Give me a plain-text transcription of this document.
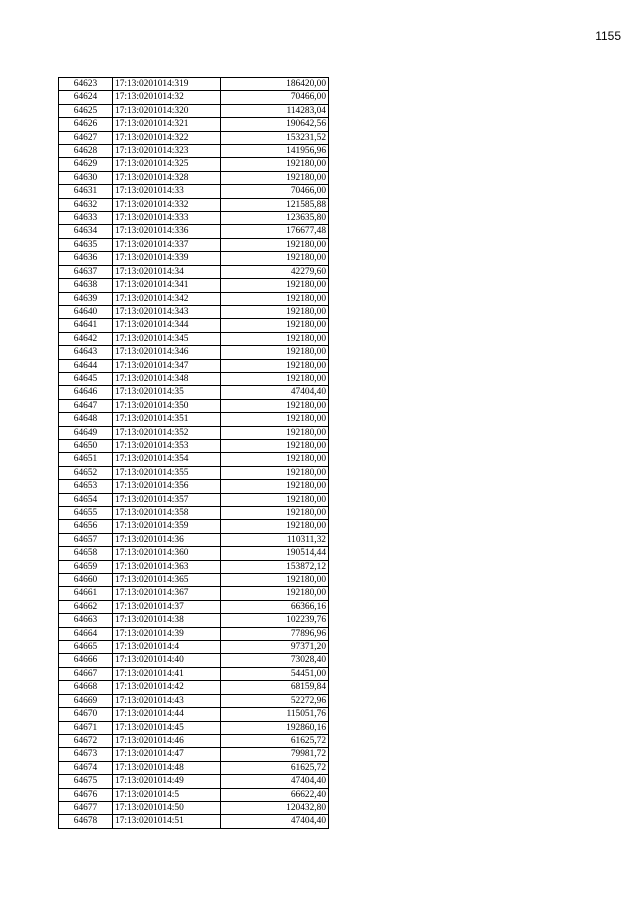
1155
64623	17:13:0201014:319	186420,00
64624	17:13:0201014:32	70466,00
64625	17:13:0201014:320	114283,04
64626	17:13:0201014:321	190642,56
64627	17:13:0201014:322	153231,52
64628	17:13:0201014:323	141956,96
64629	17:13:0201014:325	192180,00
64630	17:13:0201014:328	192180,00
64631	17:13:0201014:33	70466,00
64632	17:13:0201014:332	121585,88
64633	17:13:0201014:333	123635,80
64634	17:13:0201014:336	176677,48
64635	17:13:0201014:337	192180,00
64636	17:13:0201014:339	192180,00
64637	17:13:0201014:34	42279,60
64638	17:13:0201014:341	192180,00
64639	17:13:0201014:342	192180,00
64640	17:13:0201014:343	192180,00
64641	17:13:0201014:344	192180,00
64642	17:13:0201014:345	192180,00
64643	17:13:0201014:346	192180,00
64644	17:13:0201014:347	192180,00
64645	17:13:0201014:348	192180,00
64646	17:13:0201014:35	47404,40
64647	17:13:0201014:350	192180,00
64648	17:13:0201014:351	192180,00
64649	17:13:0201014:352	192180,00
64650	17:13:0201014:353	192180,00
64651	17:13:0201014:354	192180,00
64652	17:13:0201014:355	192180,00
64653	17:13:0201014:356	192180,00
64654	17:13:0201014:357	192180,00
64655	17:13:0201014:358	192180,00
64656	17:13:0201014:359	192180,00
64657	17:13:0201014:36	110311,32
64658	17:13:0201014:360	190514,44
64659	17:13:0201014:363	153872,12
64660	17:13:0201014:365	192180,00
64661	17:13:0201014:367	192180,00
64662	17:13:0201014:37	66366,16
64663	17:13:0201014:38	102239,76
64664	17:13:0201014:39	77896,96
64665	17:13:0201014:4	97371,20
64666	17:13:0201014:40	73028,40
64667	17:13:0201014:41	54451,00
64668	17:13:0201014:42	68159,84
64669	17:13:0201014:43	52272,96
64670	17:13:0201014:44	115051,76
64671	17:13:0201014:45	192860,16
64672	17:13:0201014:46	61625,72
64673	17:13:0201014:47	79981,72
64674	17:13:0201014:48	61625,72
64675	17:13:0201014:49	47404,40
64676	17:13:0201014:5	66622,40
64677	17:13:0201014:50	120432,80
64678	17:13:0201014:51	47404,40
